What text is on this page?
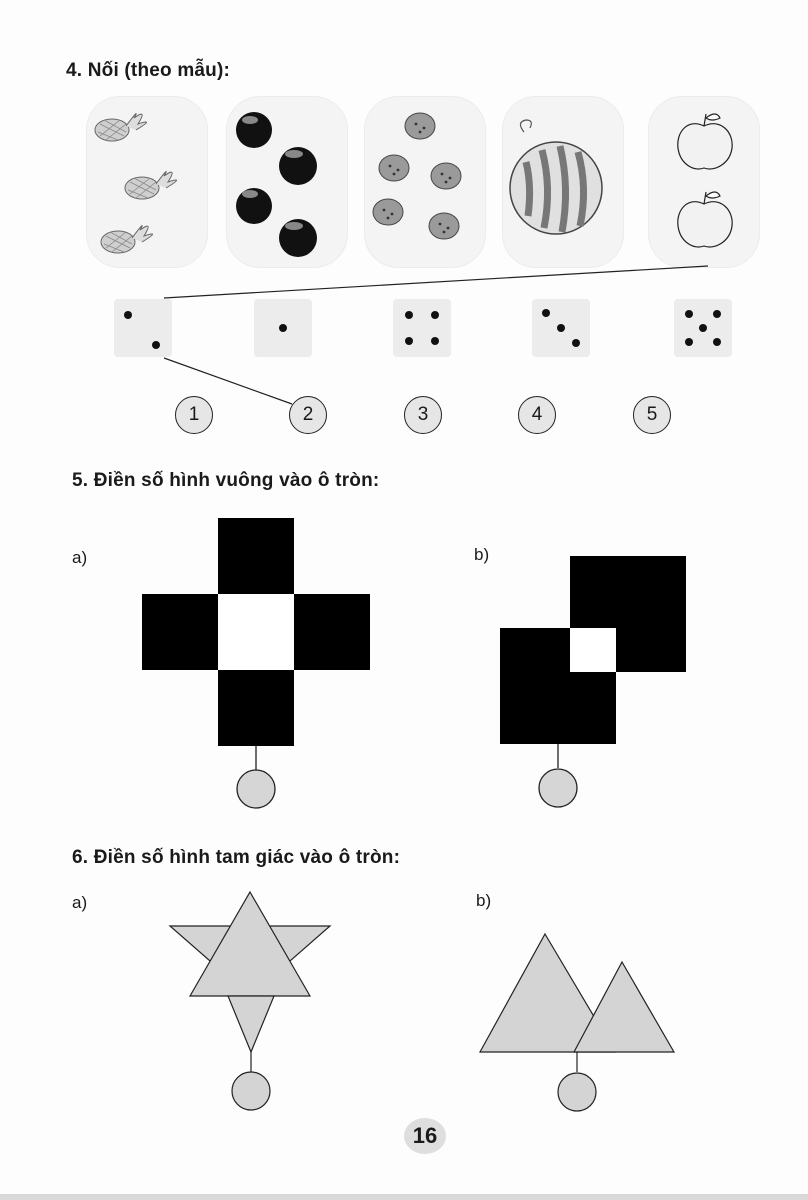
4. Nối (theo mẫu):
1	2	3	4	5
5. Điền số hình vuông vào ô tròn:
a)	b)
6. Điền số hình tam giác vào ô tròn:
a)	b)
16
